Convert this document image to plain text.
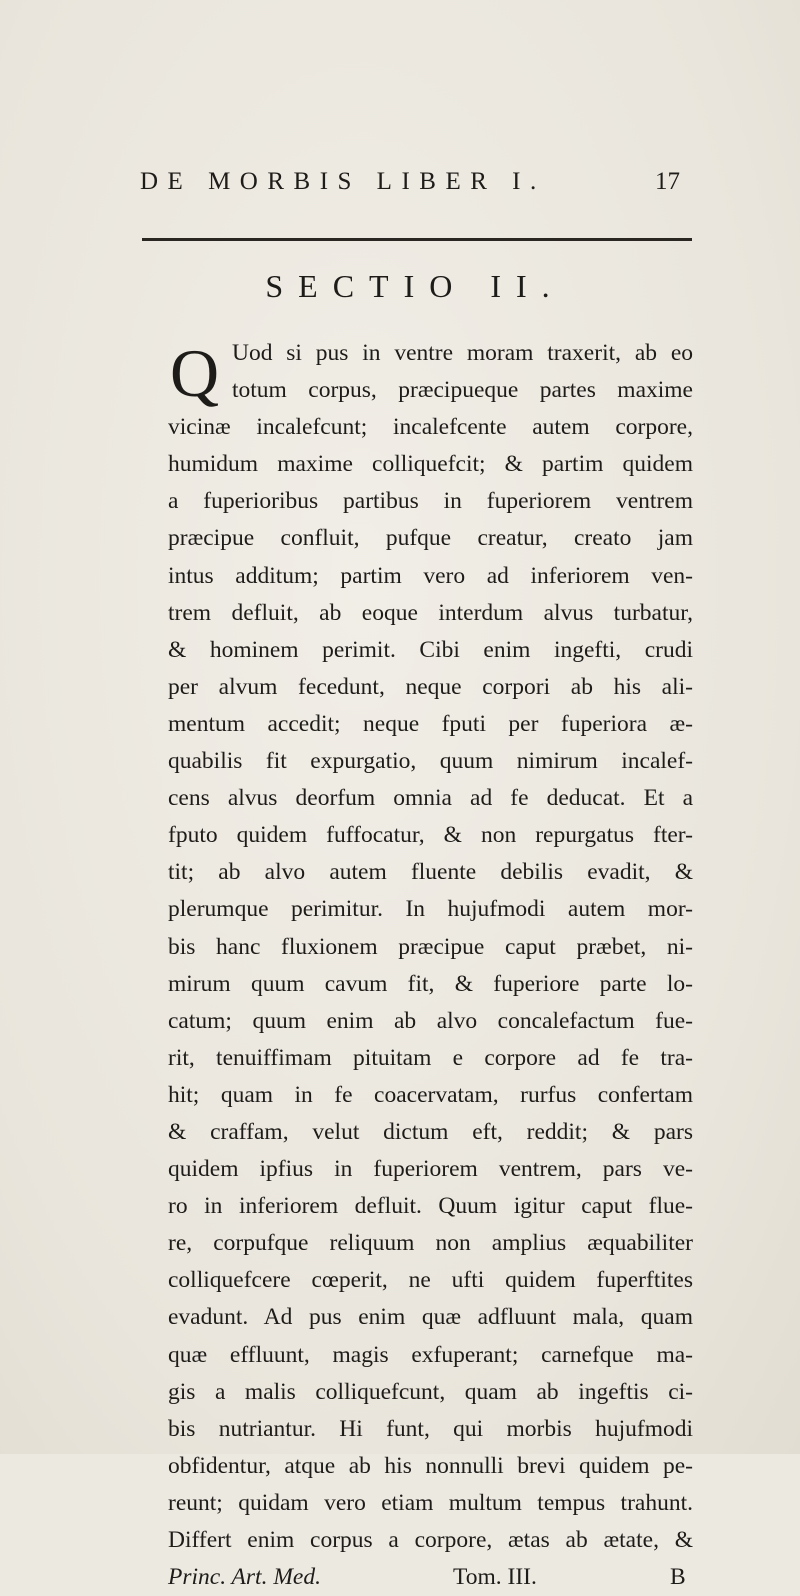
DE MORBIS LIBER I.	17
SECTIO II.
Q Uod si pus in ventre moram traxerit, ab eo
totum corpus, præcipueque partes maxime
vicinæ incalefcunt; incalefcente autem corpore,
humidum maxime colliquefcit; & partim quidem
a fuperioribus partibus in fuperiorem ventrem
præcipue confluit, pufque creatur, creato jam
intus additum; partim vero ad inferiorem ven-
trem defluit, ab eoque interdum alvus turbatur,
& hominem perimit. Cibi enim ingefti, crudi
per alvum fecedunt, neque corpori ab his ali-
mentum accedit; neque fputi per fuperiora æ-
quabilis fit expurgatio, quum nimirum incalef-
cens alvus deorfum omnia ad fe deducat. Et a
fputo quidem fuffocatur, & non repurgatus fter-
tit; ab alvo autem fluente debilis evadit, &
plerumque perimitur. In hujufmodi autem mor-
bis hanc fluxionem præcipue caput præbet, ni-
mirum quum cavum fit, & fuperiore parte lo-
catum; quum enim ab alvo concalefactum fue-
rit, tenuiffimam pituitam e corpore ad fe tra-
hit; quam in fe coacervatam, rurfus confertam
& craffam, velut dictum eft, reddit; & pars
quidem ipfius in fuperiorem ventrem, pars ve-
ro in inferiorem defluit. Quum igitur caput flue-
re, corpufque reliquum non amplius æquabiliter
colliquefcere cœperit, ne ufti quidem fuperftites
evadunt. Ad pus enim quæ adfluunt mala, quam
quæ effluunt, magis exfuperant; carnefque ma-
gis a malis colliquefcunt, quam ab ingeftis ci-
bis nutriantur. Hi funt, qui morbis hujufmodi
obfidentur, atque ab his nonnulli brevi quidem pe-
reunt; quidam vero etiam multum tempus trahunt.
Differt enim corpus a corpore, ætas ab ætate, &
Princ. Art. Med.	Tom. III.	B
